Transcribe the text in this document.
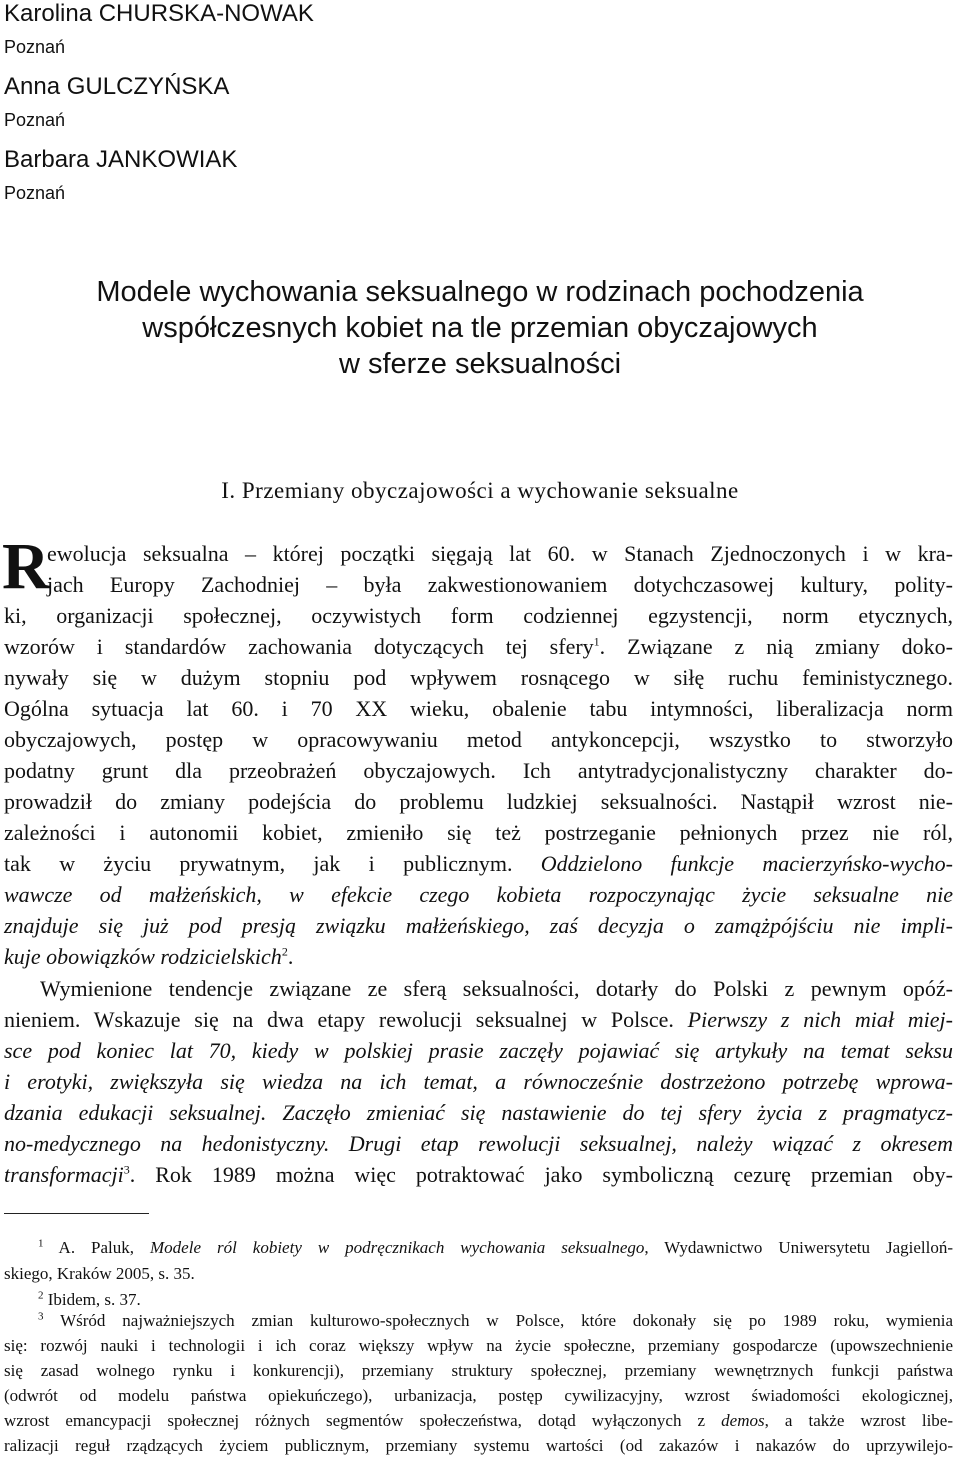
Karolina CHURSKA-NOWAK
Poznań
Anna GULCZYŃSKA
Poznań
Barbara JANKOWIAK
Poznań
Modele wychowania seksualnego w rodzinach pochodzenia
współczesnych kobiet na tle przemian obyczajowych
w sferze seksualności
I. Przemiany obyczajowości a wychowanie seksualne
R
ewolucja seksualna – której początki sięgają lat 60. w Stanach Zjednoczonych i w kra-
jach Europy Zachodniej – była zakwestionowaniem dotychczasowej kultury, polity-
ki, organizacji społecznej, oczywistych form codziennej egzystencji, norm etycznych,
wzorów i standardów zachowania dotyczących tej sfery$^1$. Związane z nią zmiany doko-
nywały się w dużym stopniu pod wpływem rosnącego w siłę ruchu feministycznego.
Ogólna sytuacja lat 60. i 70 XX wieku, obalenie tabu intymności, liberalizacja norm
obyczajowych, postęp w opracowywaniu metod antykoncepcji, wszystko to stworzyło
podatny grunt dla przeobrażeń obyczajowych. Ich antytradycjonalistyczny charakter do-
prowadził do zmiany podejścia do problemu ludzkiej seksualności. Nastąpił wzrost nie-
zależności i autonomii kobiet, zmieniło się też postrzeganie pełnionych przez nie ról,
tak w życiu prywatnym, jak i publicznym. Oddzielono funkcje macierzyńsko-wycho-
wawcze od małżeńskich, w efekcie czego kobieta rozpoczynając życie seksualne nie
znajduje się już pod presją związku małżeńskiego, zaś decyzja o zamążpójściu nie impli-
kuje obowiązków rodzicielskich$^2$.
Wymienione tendencje związane ze sferą seksualności, dotarły do Polski z pewnym opóź-
nieniem. Wskazuje się na dwa etapy rewolucji seksualnej w Polsce. Pierwszy z nich miał miej-
sce pod koniec lat 70, kiedy w polskiej prasie zaczęły pojawiać się artykuły na temat seksu
i erotyki, zwiększyła się wiedza na ich temat, a równocześnie dostrzeżono potrzebę wprowa-
dzania edukacji seksualnej. Zaczęło zmieniać się nastawienie do tej sfery życia z pragmatycz-
no-medycznego na hedonistyczny. Drugi etap rewolucji seksualnej, należy wiązać z okresem
transformacji$^3$. Rok 1989 można więc potraktować jako symboliczną cezurę przemian oby-
$^1$ A. Paluk, Modele ról kobiety w podręcznikach wychowania seksualnego, Wydawnictwo Uniwersytetu Jagielloń-
skiego, Kraków 2005, s. 35.
$^2$ Ibidem, s. 37.
$^3$ Wśród najważniejszych zmian kulturowo-społecznych w Polsce, które dokonały się po 1989 roku, wymienia
się: rozwój nauki i technologii i ich coraz większy wpływ na życie społeczne, przemiany gospodarcze (upowszechnienie
się zasad wolnego rynku i konkurencji), przemiany struktury społecznej, przemiany wewnętrznych funkcji państwa
(odwrót od modelu państwa opiekuńczego), urbanizacja, postęp cywilizacyjny, wzrost świadomości ekologicznej,
wzrost emancypacji społecznej różnych segmentów społeczeństwa, dotąd wyłączonych z demos, a także wzrost libe-
ralizacji reguł rządzących życiem publicznym, przemiany systemu wartości (od zakazów i nakazów do uprzywilejo-
